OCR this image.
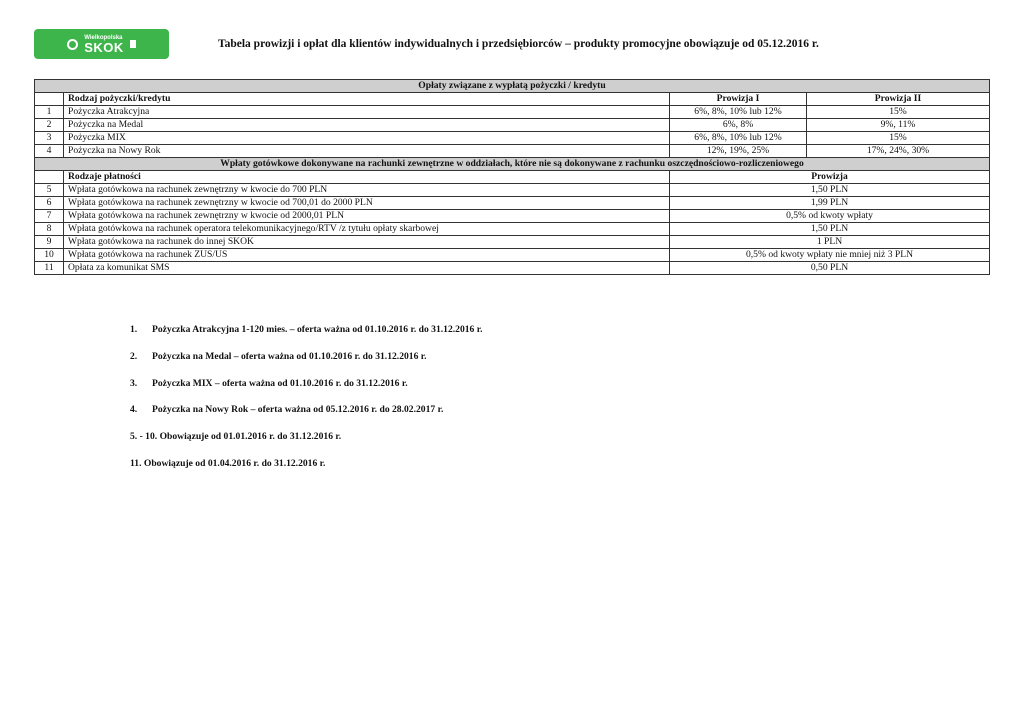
Wielkopolska
SKOK	Tabela prowizji i opłat dla klientów indywidualnych i przedsiębiorców – produkty promocyjne obowiązuje od 05.12.2016 r.
Opłaty związane z wypłatą pożyczki / kredytu			
	Rodzaj pożyczki/kredytu	Prowizja I	Prowizja II
1	Pożyczka Atrakcyjna	6%, 8%, 10% lub 12%	15%
2	Pożyczka na Medal	6%, 8%	9%, 11%
3	Pożyczka MIX	6%, 8%, 10% lub 12%	15%
4	Pożyczka na Nowy Rok	12%, 19%, 25%	17%, 24%, 30%
Wpłaty gotówkowe dokonywane na rachunki zewnętrzne w oddziałach, które nie są dokonywane z rachunku oszczędnościowo-rozliczeniowego			
	Rodzaje płatności	Prowizja	
5	Wpłata gotówkowa na rachunek zewnętrzny w kwocie do 700 PLN	1,50 PLN	
6	Wpłata gotówkowa na rachunek zewnętrzny w kwocie od 700,01 do 2000 PLN	1,99 PLN	
7	Wpłata gotówkowa na rachunek zewnętrzny w kwocie od 2000,01 PLN	0,5% od kwoty wpłaty	
8	Wpłata gotówkowa na rachunek operatora telekomunikacyjnego/RTV /z tytułu opłaty skarbowej	1,50 PLN	
9	Wpłata gotówkowa na rachunek do innej SKOK	1 PLN	
10	Wpłata gotówkowa na rachunek ZUS/US	0,5% od kwoty wpłaty nie mniej niż 3 PLN	
11	Opłata za komunikat SMS	0,50 PLN	
1. Pożyczka Atrakcyjna 1-120 mies. – oferta ważna od 01.10.2016 r. do 31.12.2016 r.
2. Pożyczka na Medal – oferta ważna od 01.10.2016 r. do 31.12.2016 r.
3. Pożyczka MIX – oferta ważna od 01.10.2016 r. do 31.12.2016 r.
4. Pożyczka na Nowy Rok – oferta ważna od 05.12.2016 r. do 28.02.2017 r.
5. - 10. Obowiązuje od 01.01.2016 r. do 31.12.2016 r.
11. Obowiązuje od 01.04.2016 r. do 31.12.2016 r.
